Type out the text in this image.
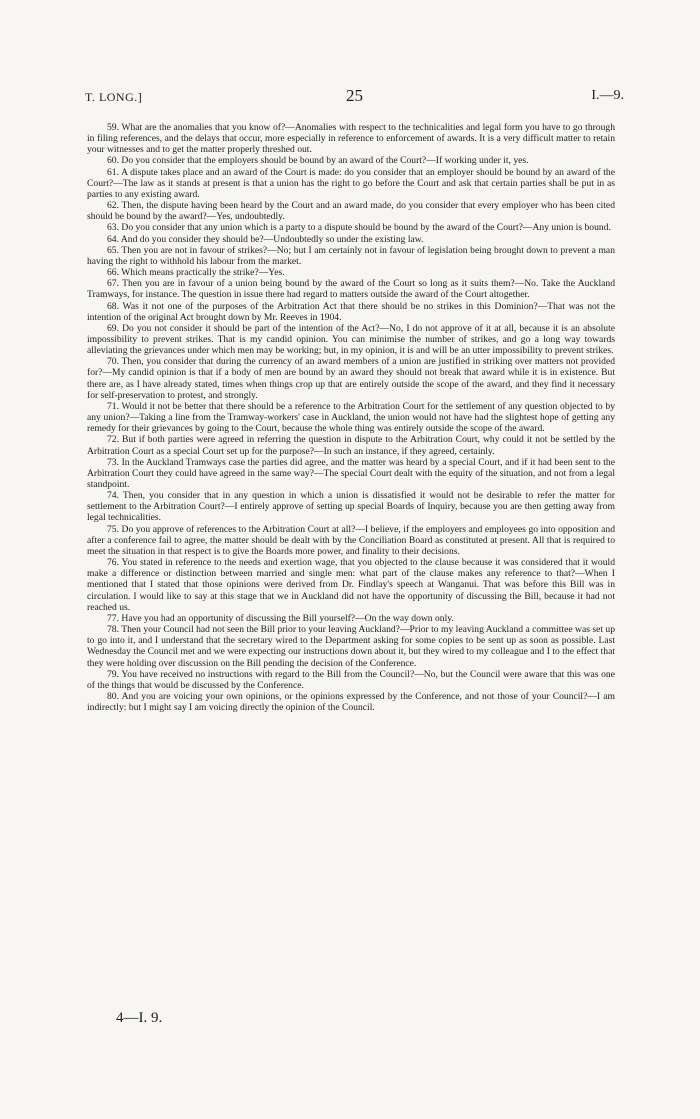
T. LONG.]	25	I.—9.

59. What are the anomalies that you know of?—Anomalies with respect to the technicalities and legal form you have to go through in filing references, and the delays that occur, more especially in reference to enforcement of awards. It is a very difficult matter to retain your witnesses and to get the matter properly threshed out.

60. Do you consider that the employers should be bound by an award of the Court?—If working under it, yes.

61. A dispute takes place and an award of the Court is made: do you consider that an employer should be bound by an award of the Court?—The law as it stands at present is that a union has the right to go before the Court and ask that certain parties shall be put in as parties to any existing award.

62. Then, the dispute having been heard by the Court and an award made, do you consider that every employer who has been cited should be bound by the award?—Yes, undoubtedly.

63. Do you consider that any union which is a party to a dispute should be bound by the award of the Court?—Any union is bound.

64. And do you consider they should be?—Undoubtedly so under the existing law.

65. Then you are not in favour of strikes?—No; but I am certainly not in favour of legislation being brought down to prevent a man having the right to withhold his labour from the market.

66. Which means practically the strike?—Yes.

67. Then you are in favour of a union being bound by the award of the Court so long as it suits them?—No. Take the Auckland Tramways, for instance. The question in issue there had regard to matters outside the award of the Court altogether.

68. Was it not one of the purposes of the Arbitration Act that there should be no strikes in this Dominion?—That was not the intention of the original Act brought down by Mr. Reeves in 1904.

69. Do you not consider it should be part of the intention of the Act?—No, I do not approve of it at all, because it is an absolute impossibility to prevent strikes. That is my candid opinion. You can minimise the number of strikes, and go a long way towards alleviating the grievances under which men may be working; but, in my opinion, it is and will be an utter impossibility to prevent strikes.

70. Then, you consider that during the currency of an award members of a union are justified in striking over matters not provided for?—My candid opinion is that if a body of men are bound by an award they should not break that award while it is in existence. But there are, as I have already stated, times when things crop up that are entirely outside the scope of the award, and they find it necessary for self-preservation to protest, and strongly.

71. Would it not be better that there should be a reference to the Arbitration Court for the settlement of any question objected to by any union?—Taking a line from the Tramway-workers' case in Auckland, the union would not have had the slightest hope of getting any remedy for their grievances by going to the Court, because the whole thing was entirely outside the scope of the award.

72. But if both parties were agreed in referring the question in dispute to the Arbitration Court, why could it not be settled by the Arbitration Court as a special Court set up for the purpose?—In such an instance, if they agreed, certainly.

73. In the Auckland Tramways case the parties did agree, and the matter was heard by a special Court, and if it had been sent to the Arbitration Court they could have agreed in the same way?—The special Court dealt with the equity of the situation, and not from a legal standpoint.

74. Then, you consider that in any question in which a union is dissatisfied it would not be desirable to refer the matter for settlement to the Arbitration Court?—I entirely approve of setting up special Boards of Inquiry, because you are then getting away from legal technicalities.

75. Do you approve of references to the Arbitration Court at all?—I believe, if the employers and employees go into opposition and after a conference fail to agree, the matter should be dealt with by the Conciliation Board as constituted at present. All that is required to meet the situation in that respect is to give the Boards more power, and finality to their decisions.

76. You stated in reference to the needs and exertion wage, that you objected to the clause because it was considered that it would make a difference or distinction between married and single men: what part of the clause makes any reference to that?—When I mentioned that I stated that those opinions were derived from Dr. Findlay's speech at Wanganui. That was before this Bill was in circulation. I would like to say at this stage that we in Auckland did not have the opportunity of discussing the Bill, because it had not reached us.

77. Have you had an opportunity of discussing the Bill yourself?—On the way down only.

78. Then your Council had not seen the Bill prior to your leaving Auckland?—Prior to my leaving Auckland a committee was set up to go into it, and I understand that the secretary wired to the Department asking for some copies to be sent up as soon as possible. Last Wednesday the Council met and we were expecting our instructions down about it, but they wired to my colleague and I to the effect that they were holding over discussion on the Bill pending the decision of the Conference.

79. You have received no instructions with regard to the Bill from the Council?—No, but the Council were aware that this was one of the things that would be discussed by the Conference.

80. And you are voicing your own opinions, or the opinions expressed by the Conference, and not those of your Council?—I am indirectly: but I might say I am voicing directly the opinion of the Council.

4—I. 9.
